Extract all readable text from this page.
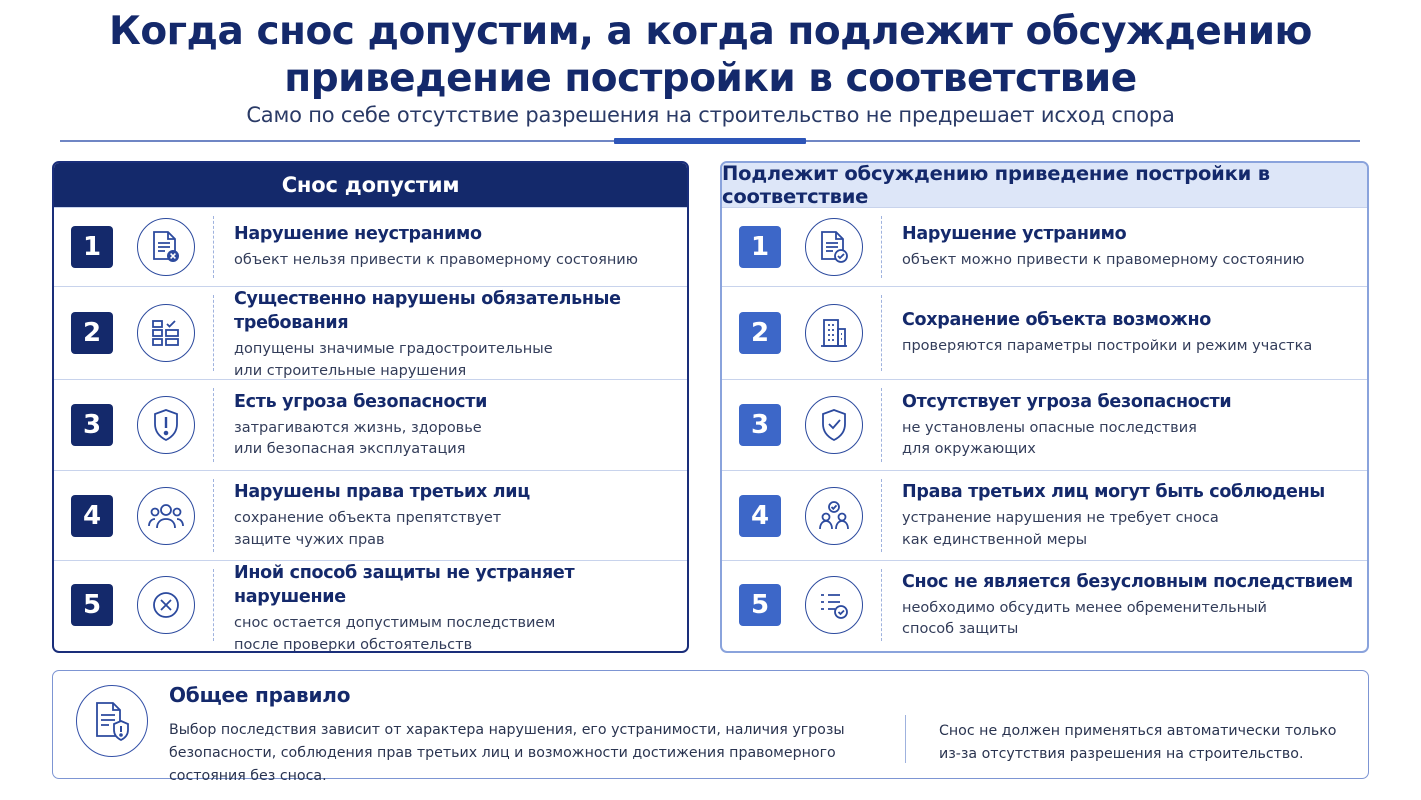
Когда снос допустим, а когда подлежит обсуждению
приведение постройки в соответствие
Само по себе отсутствие разрешения на строительство не предрешает исход спора
Снос допустим
1	Нарушение неустранимо
объект нельзя привести к правомерному состоянию
2
Существенно нарушены обязательные требования
допущены значимые градостроительные
или строительные нарушения
3
Есть угроза безопасности
затрагиваются жизнь, здоровье
или безопасная эксплуатация
4
Нарушены права третьих лиц
сохранение объекта препятствует
защите чужих прав
5
Иной способ защиты не устраняет нарушение
снос остается допустимым последствием
после проверки обстоятельств
Подлежит обсуждению приведение постройки в соответствие
1	Нарушение устранимо
объект можно привести к правомерному состоянию
2	Сохранение объекта возможно
проверяются параметры постройки и режим участка
3
Отсутствует угроза безопасности
не установлены опасные последствия
для окружающих
4
Права третьих лиц могут быть соблюдены
устранение нарушения не требует сноса
как единственной меры
5
Снос не является безусловным последствием
необходимо обсудить менее обременительный
способ защиты
Общее правило
Выбор последствия зависит от характера нарушения, его устранимости, наличия угрозы безопасности, соблюдения прав третьих лиц и возможности достижения правомерного состояния без сноса.
Снос не должен применяться автоматически только из-за отсутствия разрешения на строительство.
